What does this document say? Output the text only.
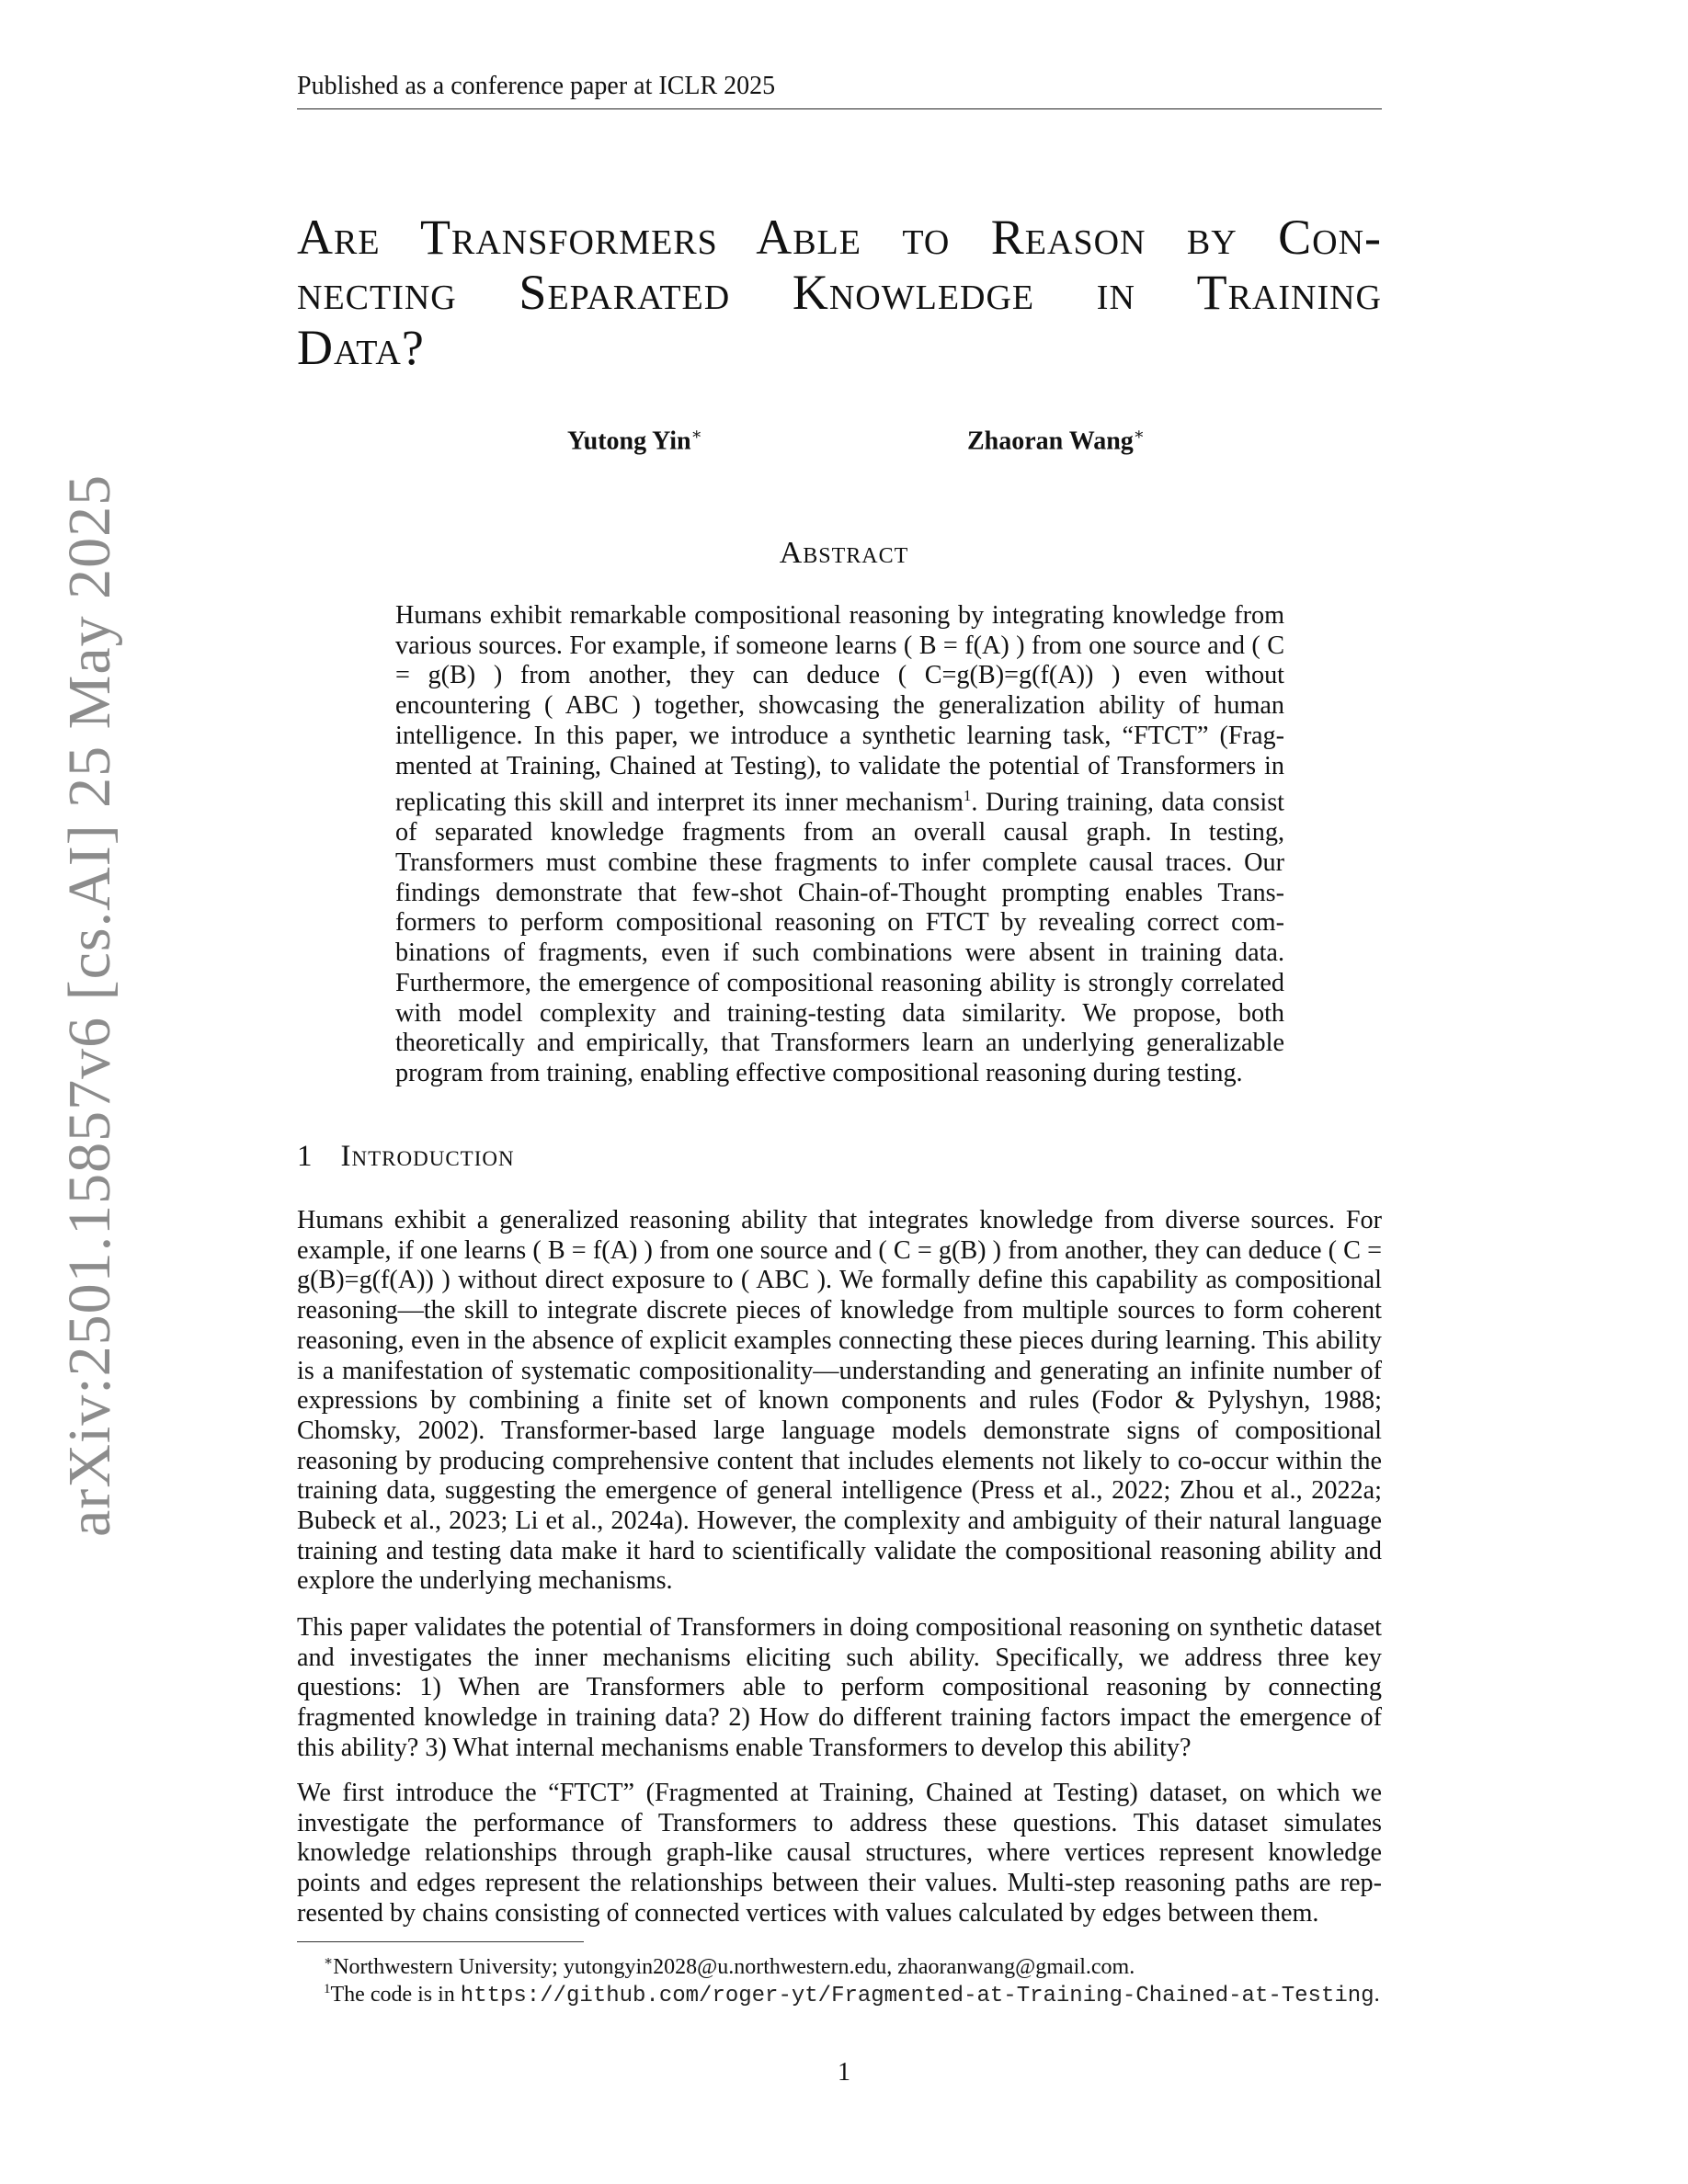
Published as a conference paper at ICLR 2025
Are Transformers Able to Reason by Con-
necting Separated Knowledge in Training
Data?
Yutong Yin∗	Zhaoran Wang∗
Abstract

Humans exhibit remarkable compositional reasoning by integrating knowledge from various sources. For example, if someone learns ( B = f(A) ) from one source and ( C = g(B) ) from another, they can deduce ( C=g(B)=g(f(A)) ) even without encountering ( ABC ) together, showcasing the generalization ability of human intelligence. In this paper, we introduce a synthetic learning task, “FTCT” (Fragmented at Training, Chained at Testing), to validate the potential of Transformers in replicating this skill and interpret its inner mechanism$^1$. During training, data consist of separated knowledge fragments from an overall causal graph. In testing, Transformers must combine these fragments to infer complete causal traces. Our findings demonstrate that few-shot Chain-of-Thought prompting enables Transformers to perform compositional reasoning on FTCT by revealing correct combinations of fragments, even if such combinations were absent in training data. Furthermore, the emergence of compositional reasoning ability is strongly correlated with model complexity and training-testing data similarity. We propose, both theoretically and empirically, that Transformers learn an underlying generalizable program from training, enabling effective compositional reasoning during testing.

1 Introduction

Humans exhibit a generalized reasoning ability that integrates knowledge from diverse sources. For example, if one learns ( B = f(A) ) from one source and ( C = g(B) ) from another, they can deduce ( C = g(B)=g(f(A)) ) without direct exposure to ( ABC ). We formally define this capability as compositional reasoning—the skill to integrate discrete pieces of knowledge from multiple sources to form coherent reasoning, even in the absence of explicit examples connecting these pieces during learning. This ability is a manifestation of systematic compositionality—understanding and generating an infinite number of expressions by combining a finite set of known components and rules (Fodor & Pylyshyn, 1988; Chomsky, 2002). Transformer-based large language models demonstrate signs of compositional reasoning by producing comprehensive content that includes elements not likely to co-occur within the training data, suggesting the emergence of general intelligence (Press et al., 2022; Zhou et al., 2022a; Bubeck et al., 2023; Li et al., 2024a). However, the complexity and ambiguity of their natural language training and testing data make it hard to scientifically validate the compositional reasoning ability and explore the underlying mechanisms.

This paper validates the potential of Transformers in doing compositional reasoning on synthetic dataset and investigates the inner mechanisms eliciting such ability. Specifically, we address three key questions: 1) When are Transformers able to perform compositional reasoning by connecting fragmented knowledge in training data? 2) How do different training factors impact the emergence of this ability? 3) What internal mechanisms enable Transformers to develop this ability?

We first introduce the “FTCT” (Fragmented at Training, Chained at Testing) dataset, on which we investigate the performance of Transformers to address these questions. This dataset simulates knowledge relationships through graph-like causal structures, where vertices represent knowledge points and edges represent the relationships between their values. Multi-step reasoning paths are represented by chains consisting of connected vertices with values calculated by edges between them.

∗Northwestern University; yutongyin2028@u.northwestern.edu, zhaoranwang@gmail.com.
$^1$The code is in https://github.com/roger-yt/Fragmented-at-Training-Chained-at-Testing.
1
arXiv:2501.15857v6 [cs.AI] 25 May 2025
